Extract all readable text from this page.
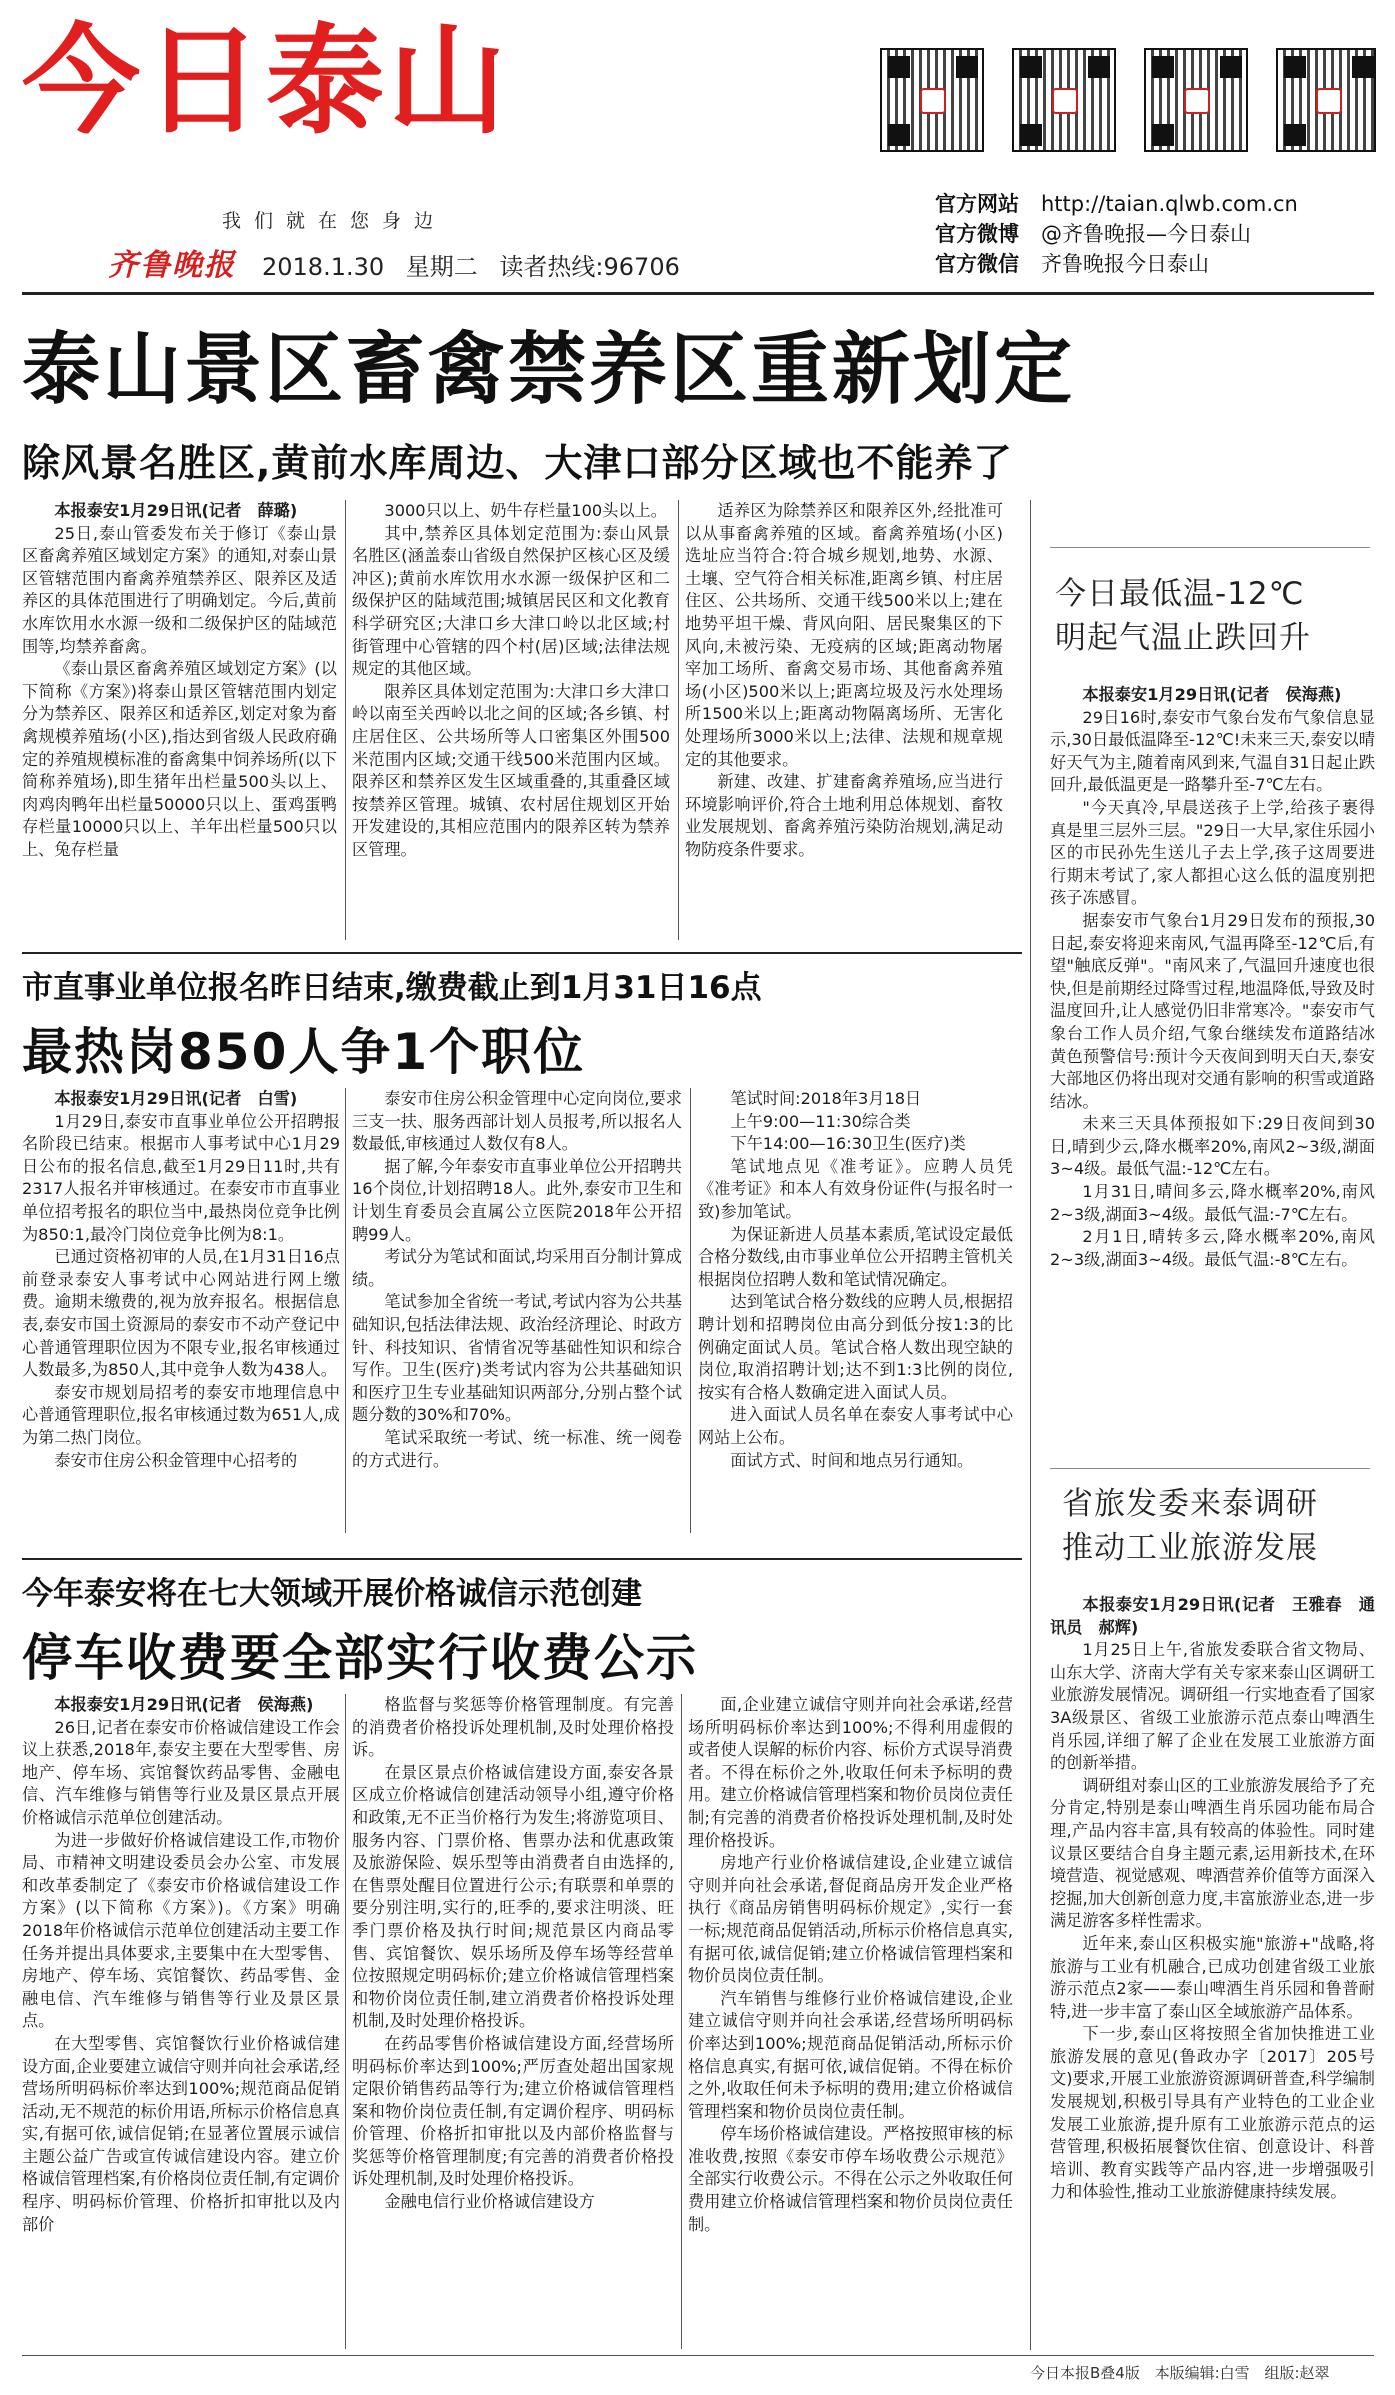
今日泰山
我们就在您身边
齐鲁晚报 2018.1.30 星期二 读者热线:96706
官方网站 http://taian.qlwb.com.cn
官方微博 @齐鲁晚报—今日泰山
官方微信 齐鲁晚报今日泰山
泰山景区畜禽禁养区重新划定
除风景名胜区,黄前水库周边、大津口部分区域也不能养了

本报泰安1月29日讯(记者　薛璐)

25日,泰山管委发布关于修订《泰山景区畜禽养殖区域划定方案》的通知,对泰山景区管辖范围内畜禽养殖禁养区、限养区及适养区的具体范围进行了明确划定。今后,黄前水库饮用水水源一级和二级保护区的陆域范围等,均禁养畜禽。

《泰山景区畜禽养殖区域划定方案》(以下简称《方案》)将泰山景区管辖范围内划定分为禁养区、限养区和适养区,划定对象为畜禽规模养殖场(小区),指达到省级人民政府确定的养殖规模标准的畜禽集中饲养场所(以下简称养殖场),即生猪年出栏量500头以上、肉鸡肉鸭年出栏量50000只以上、蛋鸡蛋鸭存栏量10000只以上、羊年出栏量500只以上、兔存栏量

3000只以上、奶牛存栏量100头以上。

其中,禁养区具体划定范围为:泰山风景名胜区(涵盖泰山省级自然保护区核心区及缓冲区);黄前水库饮用水水源一级保护区和二级保护区的陆域范围;城镇居民区和文化教育科学研究区;大津口乡大津口岭以北区域;村街管理中心管辖的四个村(居)区域;法律法规规定的其他区域。

限养区具体划定范围为:大津口乡大津口岭以南至关西岭以北之间的区域;各乡镇、村庄居住区、公共场所等人口密集区外围500米范围内区域;交通干线500米范围内区域。限养区和禁养区发生区域重叠的,其重叠区域按禁养区管理。城镇、农村居住规划区开始开发建设的,其相应范围内的限养区转为禁养区管理。

适养区为除禁养区和限养区外,经批准可以从事畜禽养殖的区域。畜禽养殖场(小区)选址应当符合:符合城乡规划,地势、水源、土壤、空气符合相关标准,距离乡镇、村庄居住区、公共场所、交通干线500米以上;建在地势平坦干燥、背风向阳、居民聚集区的下风向,未被污染、无疫病的区域;距离动物屠宰加工场所、畜禽交易市场、其他畜禽养殖场(小区)500米以上;距离垃圾及污水处理场所1500米以上;距离动物隔离场所、无害化处理场所3000米以上;法律、法规和规章规定的其他要求。

新建、改建、扩建畜禽养殖场,应当进行环境影响评价,符合土地利用总体规划、畜牧业发展规划、畜禽养殖污染防治规划,满足动物防疫条件要求。

市直事业单位报名昨日结束,缴费截止到1月31日16点
最热岗850人争1个职位

本报泰安1月29日讯(记者　白雪)

1月29日,泰安市直事业单位公开招聘报名阶段已结束。根据市人事考试中心1月29日公布的报名信息,截至1月29日11时,共有2317人报名并审核通过。在泰安市市直事业单位招考报名的职位当中,最热岗位竞争比例为850:1,最冷门岗位竞争比例为8:1。

已通过资格初审的人员,在1月31日16点前登录泰安人事考试中心网站进行网上缴费。逾期未缴费的,视为放弃报名。根据信息表,泰安市国土资源局的泰安市不动产登记中心普通管理职位因为不限专业,报名审核通过人数最多,为850人,其中竞争人数为438人。

泰安市规划局招考的泰安市地理信息中心普通管理职位,报名审核通过数为651人,成为第二热门岗位。

泰安市住房公积金管理中心招考的

泰安市住房公积金管理中心定向岗位,要求三支一扶、服务西部计划人员报考,所以报名人数最低,审核通过人数仅有8人。

据了解,今年泰安市直事业单位公开招聘共16个岗位,计划招聘18人。此外,泰安市卫生和计划生育委员会直属公立医院2018年公开招聘99人。

考试分为笔试和面试,均采用百分制计算成绩。

笔试参加全省统一考试,考试内容为公共基础知识,包括法律法规、政治经济理论、时政方针、科技知识、省情省况等基础性知识和综合写作。卫生(医疗)类考试内容为公共基础知识和医疗卫生专业基础知识两部分,分别占整个试题分数的30%和70%。

笔试采取统一考试、统一标准、统一阅卷的方式进行。

笔试时间:2018年3月18日

上午9:00—11:30综合类

下午14:00—16:30卫生(医疗)类

笔试地点见《准考证》。应聘人员凭《准考证》和本人有效身份证件(与报名时一致)参加笔试。

为保证新进人员基本素质,笔试设定最低合格分数线,由市事业单位公开招聘主管机关根据岗位招聘人数和笔试情况确定。

达到笔试合格分数线的应聘人员,根据招聘计划和招聘岗位由高分到低分按1:3的比例确定面试人员。笔试合格人数出现空缺的岗位,取消招聘计划;达不到1:3比例的岗位,按实有合格人数确定进入面试人员。

进入面试人员名单在泰安人事考试中心网站上公布。

面试方式、时间和地点另行通知。

今年泰安将在七大领域开展价格诚信示范创建
停车收费要全部实行收费公示

本报泰安1月29日讯(记者　侯海燕)

26日,记者在泰安市价格诚信建设工作会议上获悉,2018年,泰安主要在大型零售、房地产、停车场、宾馆餐饮药品零售、金融电信、汽车维修与销售等行业及景区景点开展价格诚信示范单位创建活动。

为进一步做好价格诚信建设工作,市物价局、市精神文明建设委员会办公室、市发展和改革委制定了《泰安市价格诚信建设工作方案》(以下简称《方案》)。《方案》明确2018年价格诚信示范单位创建活动主要工作任务并提出具体要求,主要集中在大型零售、房地产、停车场、宾馆餐饮、药品零售、金融电信、汽车维修与销售等行业及景区景点。

在大型零售、宾馆餐饮行业价格诚信建设方面,企业要建立诚信守则并向社会承诺,经营场所明码标价率达到100%;规范商品促销活动,无不规范的标价用语,所标示价格信息真实,有据可依,诚信促销;在显著位置展示诚信主题公益广告或宣传诚信建设内容。建立价格诚信管理档案,有价格岗位责任制,有定调价程序、明码标价管理、价格折扣审批以及内部价

格监督与奖惩等价格管理制度。有完善的消费者价格投诉处理机制,及时处理价格投诉。

在景区景点价格诚信建设方面,泰安各景区成立价格诚信创建活动领导小组,遵守价格和政策,无不正当价格行为发生;将游览项目、服务内容、门票价格、售票办法和优惠政策及旅游保险、娱乐型等由消费者自由选择的,在售票处醒目位置进行公示;有联票和单票的要分别注明,实行的,旺季的,要求注明淡、旺季门票价格及执行时间;规范景区内商品零售、宾馆餐饮、娱乐场所及停车场等经营单位按照规定明码标价;建立价格诚信管理档案和物价岗位责任制,建立消费者价格投诉处理机制,及时处理价格投诉。

在药品零售价格诚信建设方面,经营场所明码标价率达到100%;严厉查处超出国家规定限价销售药品等行为;建立价格诚信管理档案和物价岗位责任制,有定调价程序、明码标价管理、价格折扣审批以及内部价格监督与奖惩等价格管理制度;有完善的消费者价格投诉处理机制,及时处理价格投诉。

金融电信行业价格诚信建设方

面,企业建立诚信守则并向社会承诺,经营场所明码标价率达到100%;不得利用虚假的或者使人误解的标价内容、标价方式误导消费者。不得在标价之外,收取任何未予标明的费用。建立价格诚信管理档案和物价员岗位责任制;有完善的消费者价格投诉处理机制,及时处理价格投诉。

房地产行业价格诚信建设,企业建立诚信守则并向社会承诺,督促商品房开发企业严格执行《商品房销售明码标价规定》,实行一套一标;规范商品促销活动,所标示价格信息真实,有据可依,诚信促销;建立价格诚信管理档案和物价员岗位责任制。

汽车销售与维修行业价格诚信建设,企业建立诚信守则并向社会承诺,经营场所明码标价率达到100%;规范商品促销活动,所标示价格信息真实,有据可依,诚信促销。不得在标价之外,收取任何未予标明的费用;建立价格诚信管理档案和物价员岗位责任制。

停车场价格诚信建设。严格按照审核的标准收费,按照《泰安市停车场收费公示规范》全部实行收费公示。不得在公示之外收取任何费用建立价格诚信管理档案和物价员岗位责任制。

今日最低温-12℃
明起气温止跌回升

本报泰安1月29日讯(记者　侯海燕)

29日16时,泰安市气象台发布气象信息显示,30日最低温降至-12℃!未来三天,泰安以晴好天气为主,随着南风到来,气温自31日起止跌回升,最低温更是一路攀升至-7℃左右。

"今天真冷,早晨送孩子上学,给孩子裹得真是里三层外三层。"29日一大早,家住乐园小区的市民孙先生送儿子去上学,孩子这周要进行期末考试了,家人都担心这么低的温度别把孩子冻感冒。

据泰安市气象台1月29日发布的预报,30日起,泰安将迎来南风,气温再降至-12℃后,有望"触底反弹"。"南风来了,气温回升速度也很快,但是前期经过降雪过程,地温降低,导致及时温度回升,让人感觉仍旧非常寒冷。"泰安市气象台工作人员介绍,气象台继续发布道路结冰黄色预警信号:预计今天夜间到明天白天,泰安大部地区仍将出现对交通有影响的积雪或道路结冰。

未来三天具体预报如下:29日夜间到30日,晴到少云,降水概率20%,南风2~3级,湖面3~4级。最低气温:-12℃左右。

1月31日,晴间多云,降水概率20%,南风2~3级,湖面3~4级。最低气温:-7℃左右。

2月1日,晴转多云,降水概率20%,南风2~3级,湖面3~4级。最低气温:-8℃左右。

省旅发委来泰调研
推动工业旅游发展

本报泰安1月29日讯(记者　王雅春　通讯员　郝辉)

1月25日上午,省旅发委联合省文物局、山东大学、济南大学有关专家来泰山区调研工业旅游发展情况。调研组一行实地查看了国家3A级景区、省级工业旅游示范点泰山啤酒生肖乐园,详细了解了企业在发展工业旅游方面的创新举措。

调研组对泰山区的工业旅游发展给予了充分肯定,特别是泰山啤酒生肖乐园功能布局合理,产品内容丰富,具有较高的体验性。同时建议景区要结合自身主题元素,运用新技术,在环境营造、视觉感观、啤酒营养价值等方面深入挖掘,加大创新创意力度,丰富旅游业态,进一步满足游客多样性需求。

近年来,泰山区积极实施"旅游+"战略,将旅游与工业有机融合,已成功创建省级工业旅游示范点2家——泰山啤酒生肖乐园和鲁普耐特,进一步丰富了泰山区全域旅游产品体系。

下一步,泰山区将按照全省加快推进工业旅游发展的意见(鲁政办字〔2017〕205号文)要求,开展工业旅游资源调研普查,科学编制发展规划,积极引导具有产业特色的工业企业发展工业旅游,提升原有工业旅游示范点的运营管理,积极拓展餐饮住宿、创意设计、科普培训、教育实践等产品内容,进一步增强吸引力和体验性,推动工业旅游健康持续发展。

今日本报B叠4版 本版编辑:白雪 组版:赵翠
